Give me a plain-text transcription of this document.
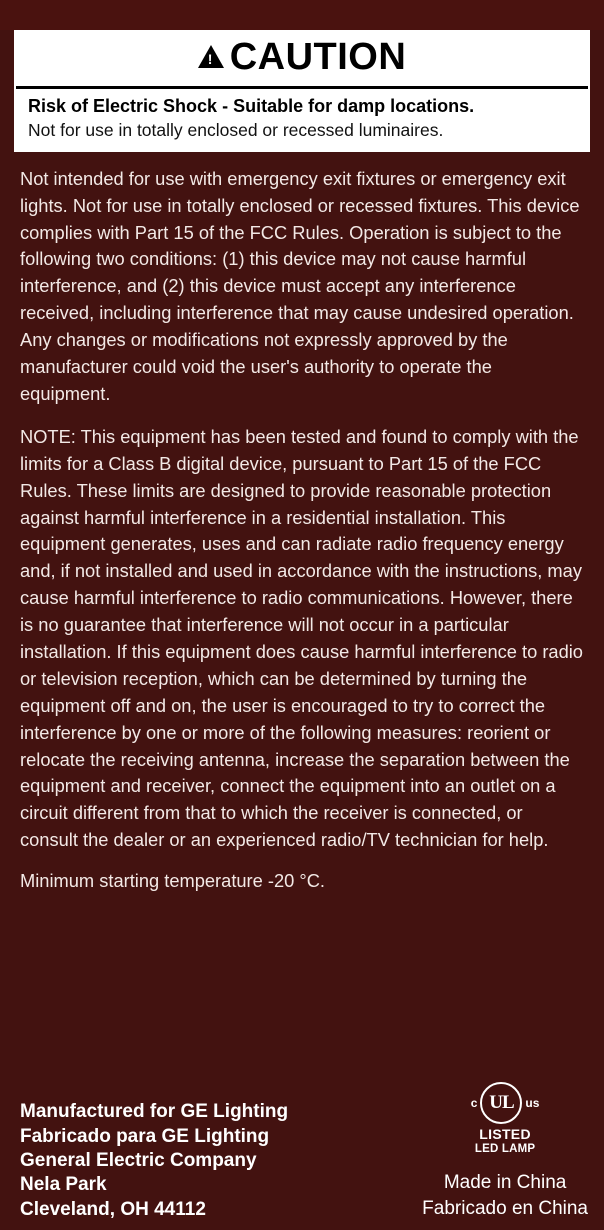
!
CAUTION
Risk of Electric Shock - Suitable for damp locations.
Not for use in totally enclosed or recessed luminaires.

Not intended for use with emergency exit fixtures or emergency exit lights. Not for use in totally enclosed or recessed fixtures. This device complies with Part 15 of the FCC Rules. Operation is subject to the following two conditions: (1) this device may not cause harmful interference, and (2) this device must accept any interference received, including interference that may cause undesired operation. Any changes or modifications not expressly approved by the manufacturer could void the user's authority to operate the equipment.

NOTE: This equipment has been tested and found to comply with the limits for a Class B digital device, pursuant to Part 15 of the FCC Rules. These limits are designed to provide reasonable protection against harmful interference in a residential installation. This equipment generates, uses and can radiate radio frequency energy and, if not installed and used in accordance with the instructions, may cause harmful interference to radio communications. However, there is no guarantee that interference will not occur in a particular installation. If this equipment does cause harmful interference to radio or television reception, which can be determined by turning the equipment off and on, the user is encouraged to try to correct the interference by one or more of the following measures: reorient or relocate the receiving antenna, increase the separation between the equipment and receiver, connect the equipment into an outlet on a circuit different from that to which the receiver is connected, or consult the dealer or an experienced radio/TV technician for help.

Minimum starting temperature -20 °C.

Manufactured for GE Lighting
Fabricado para GE Lighting
General Electric Company
Nela Park
Cleveland, OH 44112
c UL us
LISTED
LED LAMP
Made in China
Fabricado en China
